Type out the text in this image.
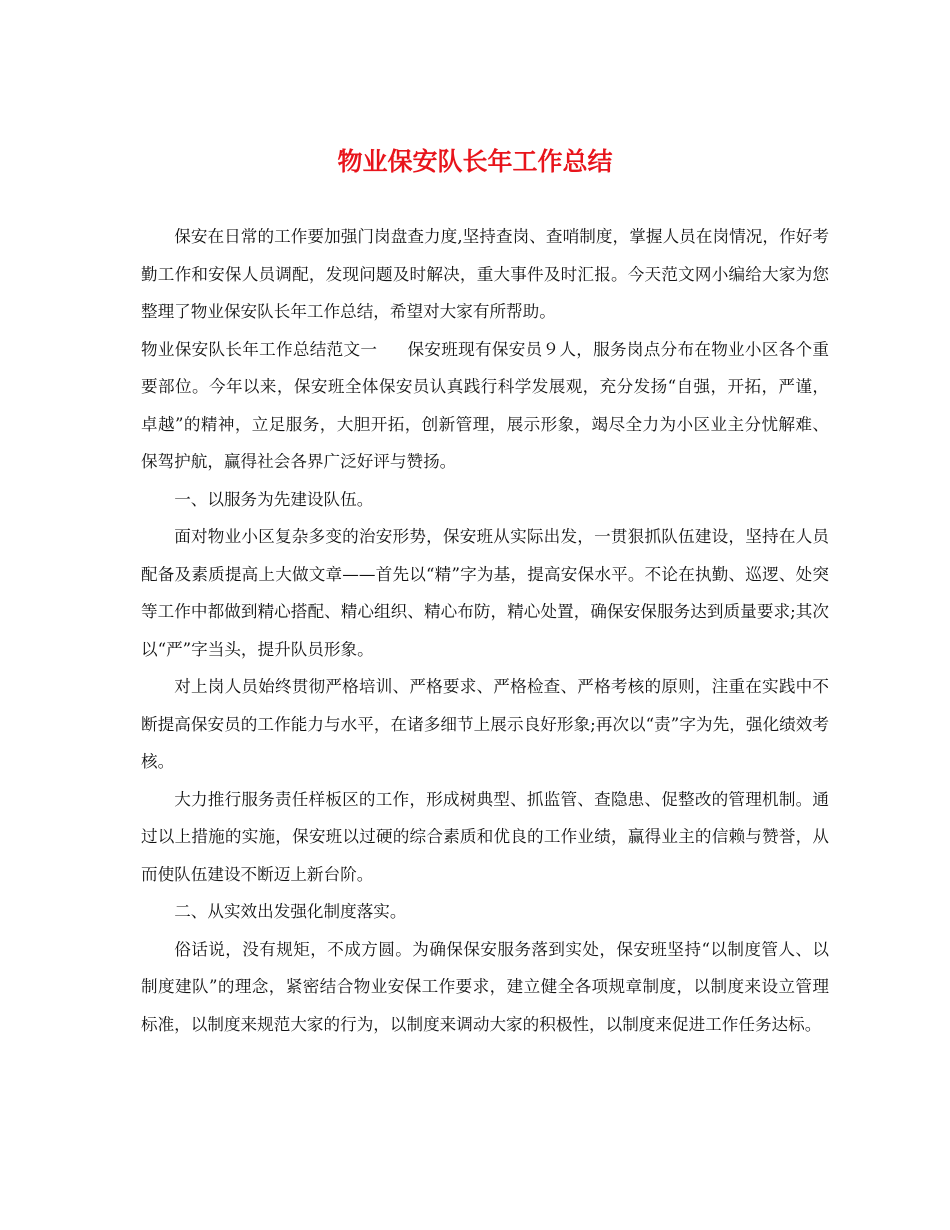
物业保安队长年工作总结

保安在日常的工作要加强门岗盘查力度,坚持查岗、查哨制度，掌握人员在岗情况，作好考勤工作和安保人员调配，发现问题及时解决，重大事件及时汇报。今天范文网小编给大家为您整理了物业保安队长年工作总结，希望对大家有所帮助。

物业保安队长年工作总结范文一 保安班现有保安员９人，服务岗点分布在物业小区各个重要部位。今年以来，保安班全体保安员认真践行科学发展观，充分发扬“自强，开拓，严谨，卓越”的精神，立足服务，大胆开拓，创新管理，展示形象，竭尽全力为小区业主分忧解难、保驾护航，赢得社会各界广泛好评与赞扬。

一、以服务为先建设队伍。

面对物业小区复杂多变的治安形势，保安班从实际出发，一贯狠抓队伍建设，坚持在人员配备及素质提高上大做文章——首先以“精”字为基，提高安保水平。不论在执勤、巡逻、处突等工作中都做到精心搭配、精心组织、精心布防，精心处置，确保安保服务达到质量要求;其次以“严”字当头，提升队员形象。

对上岗人员始终贯彻严格培训、严格要求、严格检查、严格考核的原则，注重在实践中不断提高保安员的工作能力与水平，在诸多细节上展示良好形象;再次以“责”字为先，强化绩效考核。

大力推行服务责任样板区的工作，形成树典型、抓监管、查隐患、促整改的管理机制。通过以上措施的实施，保安班以过硬的综合素质和优良的工作业绩，赢得业主的信赖与赞誉，从而使队伍建设不断迈上新台阶。

二、从实效出发强化制度落实。

俗话说，没有规矩，不成方圆。为确保保安服务落到实处，保安班坚持“以制度管人、以制度建队”的理念，紧密结合物业安保工作要求，建立健全各项规章制度，以制度来设立管理标准，以制度来规范大家的行为，以制度来调动大家的积极性，以制度来促进工作任务达标。
